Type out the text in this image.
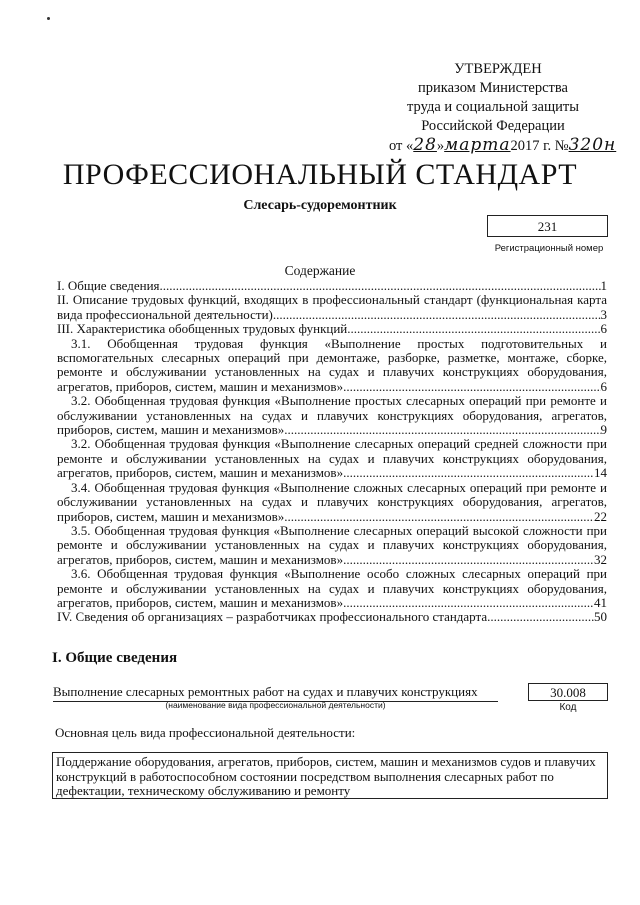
УТВЕРЖДЕН
приказом Министерства
труда и социальной защиты
Российской Федерации
от «28»марта2017 г. №320н
ПРОФЕССИОНАЛЬНЫЙ СТАНДАРТ
Слесарь-судоремонтник
231
Регистрационный номер
Содержание
I. Общие сведения .....	1
II. Описание трудовых функций, входящих в профессиональный стандарт (функциональная карта
вида профессиональной деятельности) .....	3
III. Характеристика обобщенных трудовых функций .....	6
3.1. Обобщенная трудовая функция «Выполнение простых подготовительных и
вспомогательных слесарных операций при демонтаже, разборке, разметке, монтаже, сборке,
ремонте и обслуживании установленных на судах и плавучих конструкциях оборудования,
агрегатов, приборов, систем, машин и механизмов» .....	6
3.2. Обобщенная трудовая функция «Выполнение простых слесарных операций при ремонте и
обслуживании установленных на судах и плавучих конструкциях оборудования, агрегатов,
приборов, систем, машин и механизмов» .....	9
3.2. Обобщенная трудовая функция «Выполнение слесарных операций средней сложности при
ремонте и обслуживании установленных на судах и плавучих конструкциях оборудования,
агрегатов, приборов, систем, машин и механизмов» .....	14
3.4. Обобщенная трудовая функция «Выполнение сложных слесарных операций при ремонте и
обслуживании установленных на судах и плавучих конструкциях оборудования, агрегатов,
приборов, систем, машин и механизмов» .....	22
3.5. Обобщенная трудовая функция «Выполнение слесарных операций высокой сложности при
ремонте и обслуживании установленных на судах и плавучих конструкциях оборудования,
агрегатов, приборов, систем, машин и механизмов» .....	32
3.6. Обобщенная трудовая функция «Выполнение особо сложных слесарных операций при
ремонте и обслуживании установленных на судах и плавучих конструкциях оборудования,
агрегатов, приборов, систем, машин и механизмов» .....	41
IV. Сведения об организациях – разработчиках профессионального стандарта .....	50
I. Общие сведения
Выполнение слесарных ремонтных работ на судах и плавучих конструкциях
(наименование вида профессиональной деятельности)
30.008
Код
Основная цель вида профессиональной деятельности:
Поддержание оборудования, агрегатов, приборов, систем, машин и механизмов судов и плавучих конструкций в работоспособном состоянии посредством выполнения слесарных работ по дефектации, техническому обслуживанию и ремонту
